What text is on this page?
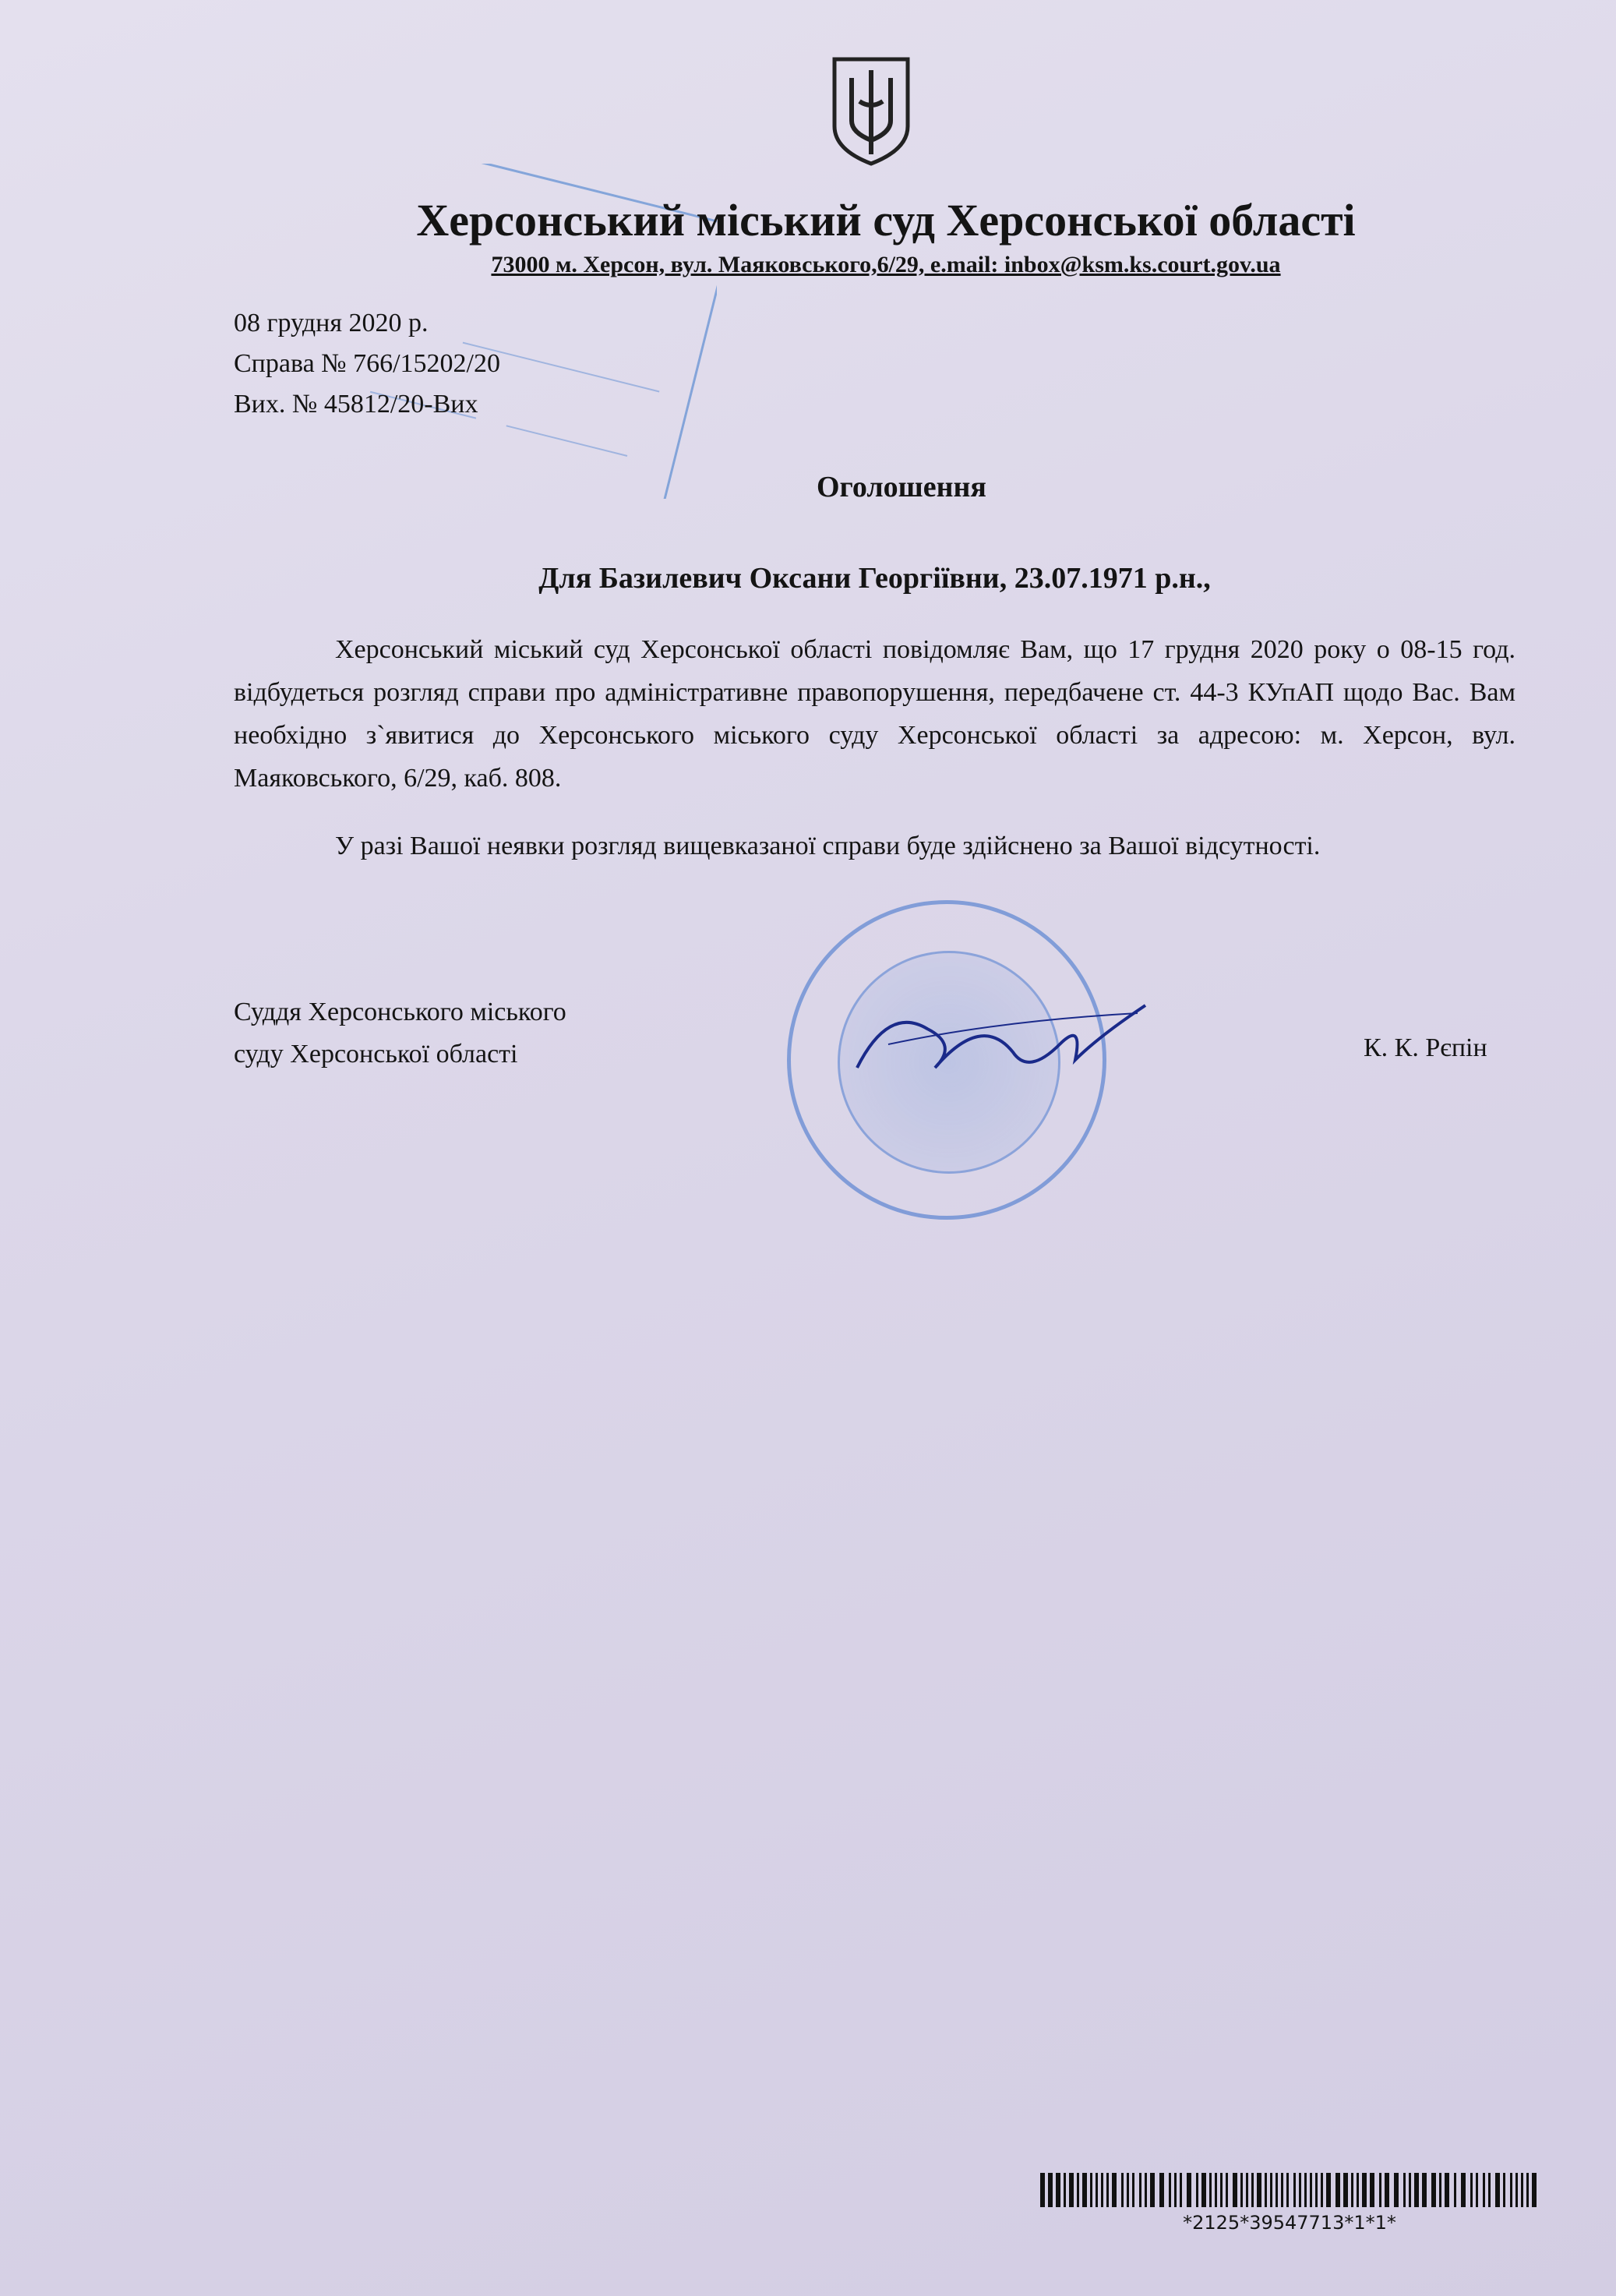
Херсонський міський суд Херсонської області
73000 м. Херсон, вул. Маяковського,6/29, e.mail: inbox@ksm.ks.court.gov.ua
08 грудня 2020 р.
Справа № 766/15202/20
Вих. № 45812/20-Вих
Оголошення
Для Базилевич Оксани Георгіївни, 23.07.1971 р.н.,
Херсонський міський суд Херсонської області повідомляє Вам, що 17 грудня 2020 року о 08-15 год. відбудеться розгляд справи про адміністративне правопорушення, передбачене ст. 44-3 КУпАП щодо Вас. Вам необхідно з`явитися до Херсонського міського суду Херсонської області за адресою: м. Херсон, вул. Маяковського, 6/29, каб. 808.
У разі Вашої неявки розгляд вищевказаної справи буде здійснено за Вашої відсутності.
Суддя Херсонського міського
суду Херсонської області	К. К. Рєпін
*2125*39547713*1*1*
